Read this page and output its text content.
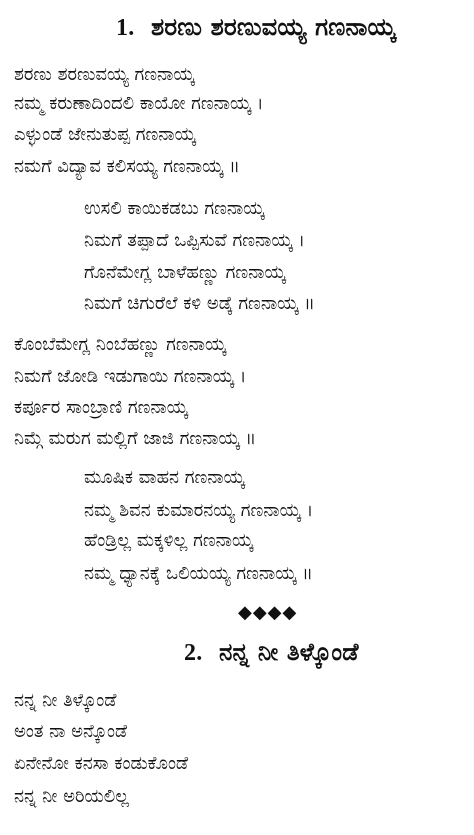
1. ಶರಣು ಶರಣುವಯ್ಯ ಗಣನಾಯ್ಕ

ಶರಣು ಶರಣುವಯ್ಯ ಗಣನಾಯ್ಕ

ನಮ್ಮ ಕರುಣಾದಿಂದಲಿ ಕಾಯೋ ಗಣನಾಯ್ಕ ।

ಎಳ್ಳುಂಡೆ ಜೇನುತುಪ್ಪ ಗಣನಾಯ್ಕ

ನಮಗೆ ವಿದ್ಯಾವ ಕಲಿಸಯ್ಯ ಗಣನಾಯ್ಕ ॥

ಉಸಲಿ ಕಾಯಿಕಡಬು ಗಣನಾಯ್ಕ

ನಿಮಗೆ ತಪ್ಪಾದೆ ಒಪ್ಪಿಸುವೆ ಗಣನಾಯ್ಕ ।

ಗೊನೆಮೇಗ್ಲ ಬಾಳೆಹಣ್ಣು ಗಣನಾಯ್ಕ

ನಿಮಗೆ ಚಿಗುರೆಲೆ ಕಳಿ ಅಡ್ಕೆ ಗಣನಾಯ್ಕ ॥

ಕೊಂಬೆಮೇಗ್ಲ ನಿಂಬೆಹಣ್ಣು ಗಣನಾಯ್ಕ

ನಿಮಗೆ ಜೋಡಿ ಇಡುಗಾಯಿ ಗಣನಾಯ್ಕ ।

ಕರ್ಪೂರ ಸಾಂಬ್ರಾಣಿ ಗಣನಾಯ್ಕ

ನಿಮ್ಗೆ ಮರುಗ ಮಲ್ಲಿಗೆ ಜಾಜಿ ಗಣನಾಯ್ಕ ॥

ಮೂಷಿಕ ವಾಹನ ಗಣನಾಯ್ಕ

ನಮ್ಮ ಶಿವನ ಕುಮಾರನಯ್ಯ ಗಣನಾಯ್ಕ ।

ಹೆಂಡ್ರಿಲ್ಲ ಮಕ್ಕಳಿಲ್ಲ ಗಣನಾಯ್ಕ

ನಮ್ಮ ಧ್ಯಾನಕ್ಕೆ ಒಲಿಯಯ್ಯ ಗಣನಾಯ್ಕ ॥

◆◆◆◆
2. ನನ್ನ ನೀ ತಿಳ್ಕೊಂಡೆ

ನನ್ನ ನೀ ತಿಳ್ಕೊಂಡೆ

ಅಂತ ನಾ ಅನ್ಕೊಂಡೆ

ಏನೇನೋ ಕನಸಾ ಕಂಡುಕೊಂಡೆ

ನನ್ನ ನೀ ಅರಿಯಲಿಲ್ಲ
